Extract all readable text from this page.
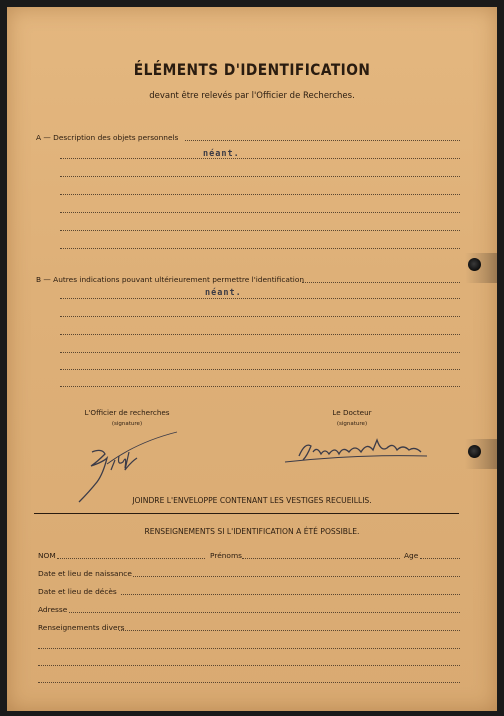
ÉLÉMENTS D'IDENTIFICATION
devant être relevés par l'Officier de Recherches.
A — Description des objets personnels
néant.
B — Autres indications pouvant ultérieurement permettre l'identification
néant.
L'Officier de recherches
(signature)
Le Docteur
(signature)
JOINDRE L'ENVELOPPE CONTENANT LES VESTIGES RECUEILLIS.
RENSEIGNEMENTS SI L'IDENTIFICATION A ÉTÉ POSSIBLE.
NOM	Prénoms	Age
Date et lieu de naissance
Date et lieu de décès
Adresse
Renseignements divers
